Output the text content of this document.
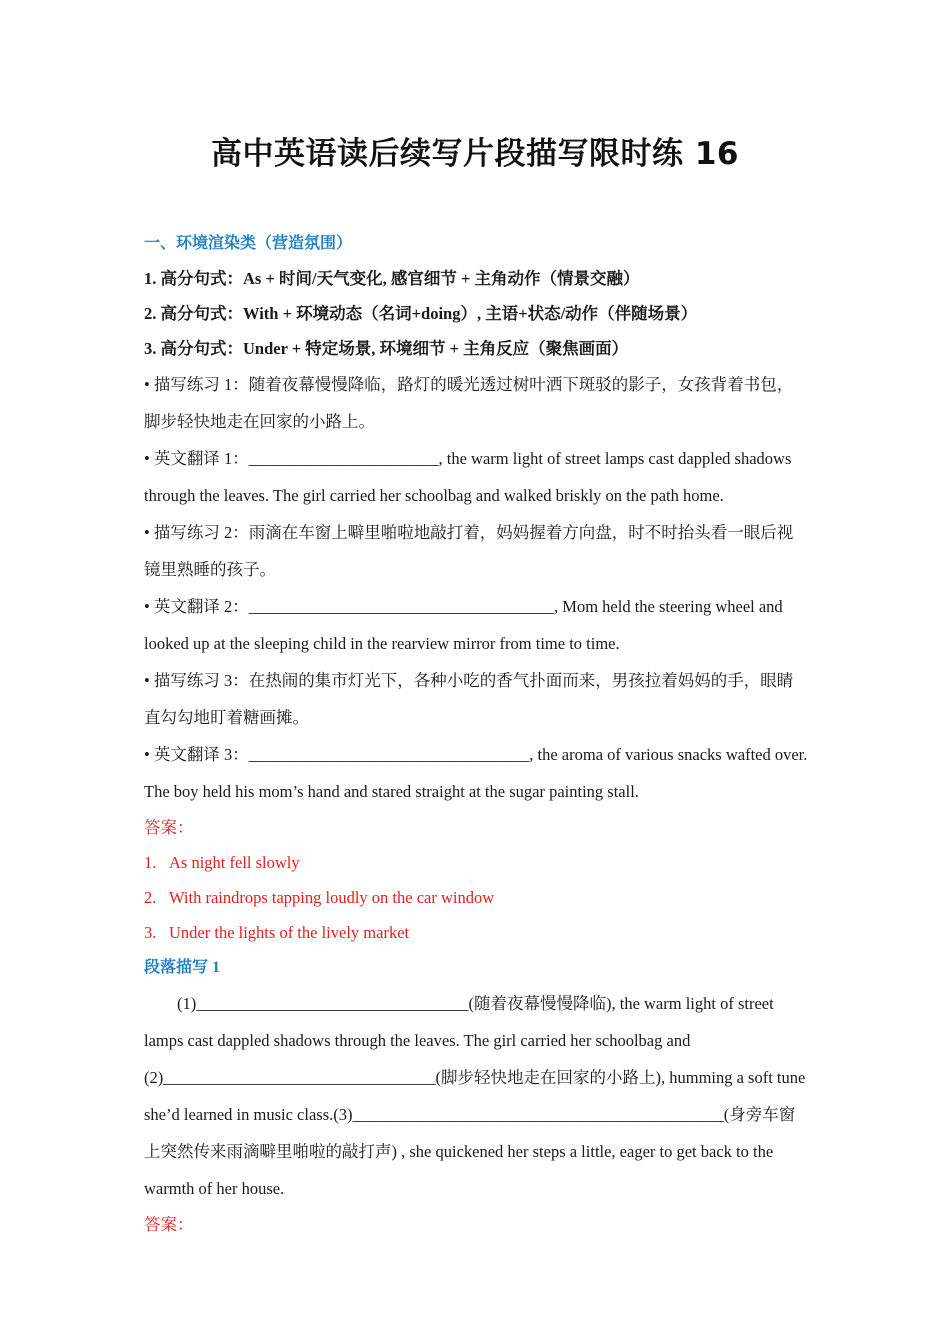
高中英语读后续写片段描写限时练 16
一、环境渲染类（营造氛围）
1. 高分句式：As + 时间/天气变化, 感官细节 + 主角动作（情景交融）
2. 高分句式：With + 环境动态（名词+doing）, 主语+状态/动作（伴随场景）
3. 高分句式：Under + 特定场景, 环境细节 + 主角反应（聚焦画面）
• 描写练习 1：随着夜幕慢慢降临，路灯的暖光透过树叶洒下斑驳的影子，女孩背着书包，脚步轻快地走在回家的小路上。
• 英文翻译 1：_______________________, the warm light of street lamps cast dappled shadows through the leaves. The girl carried her schoolbag and walked briskly on the path home.
• 描写练习 2：雨滴在车窗上噼里啪啦地敲打着，妈妈握着方向盘，时不时抬头看一眼后视镜里熟睡的孩子。
• 英文翻译 2：_____________________________________, Mom held the steering wheel and looked up at the sleeping child in the rearview mirror from time to time.
• 描写练习 3：在热闹的集市灯光下，各种小吃的香气扑面而来，男孩拉着妈妈的手，眼睛直勾勾地盯着糖画摊。
• 英文翻译 3：__________________________________, the aroma of various snacks wafted over. The boy held his mom’s hand and stared straight at the sugar painting stall.
答案：
1. As night fell slowly
2. With raindrops tapping loudly on the car window
3. Under the lights of the lively market
段落描写 1
(1)_________________________________(随着夜幕慢慢降临), the warm light of street lamps cast dappled shadows through the leaves. The girl carried her schoolbag and (2)_________________________________(脚步轻快地走在回家的小路上), humming a soft tune she’d learned in music class.(3)_____________________________________________(身旁车窗上突然传来雨滴噼里啪啦的敲打声) , she quickened her steps a little, eager to get back to the warmth of her house.
答案：
